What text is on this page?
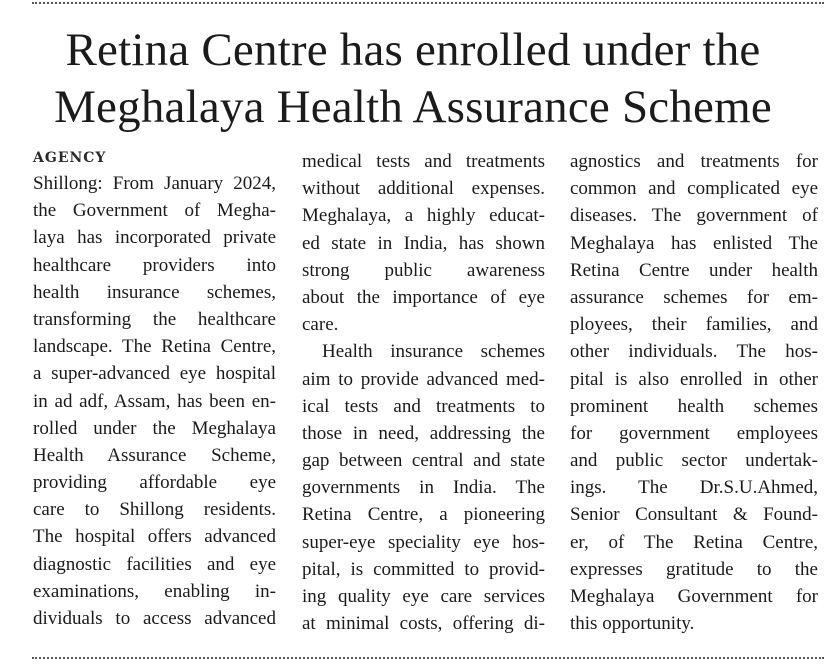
Retina Centre has enrolled under the
Meghalaya Health Assurance Scheme
AGENCY
Shillong: From January 2024,
the Government of Megha-
laya has incorporated private
healthcare providers into
health insurance schemes,
transforming the healthcare
landscape. The Retina Centre,
a super-advanced eye hospital
in ad adf, Assam, has been en-
rolled under the Meghalaya
Health Assurance Scheme,
providing affordable eye
care to Shillong residents.
The hospital offers advanced
diagnostic facilities and eye
examinations, enabling in-
dividuals to access advanced
medical tests and treatments
without additional expenses.
Meghalaya, a highly educat-
ed state in India, has shown
strong public awareness
about the importance of eye
care.
Health insurance schemes
aim to provide advanced med-
ical tests and treatments to
those in need, addressing the
gap between central and state
governments in India. The
Retina Centre, a pioneering
super-eye speciality eye hos-
pital, is committed to provid-
ing quality eye care services
at minimal costs, offering di-
agnostics and treatments for
common and complicated eye
diseases. The government of
Meghalaya has enlisted The
Retina Centre under health
assurance schemes for em-
ployees, their families, and
other individuals. The hos-
pital is also enrolled in other
prominent health schemes
for government employees
and public sector undertak-
ings. The Dr.S.U.Ahmed,
Senior Consultant & Found-
er, of The Retina Centre,
expresses gratitude to the
Meghalaya Government for
this opportunity.
